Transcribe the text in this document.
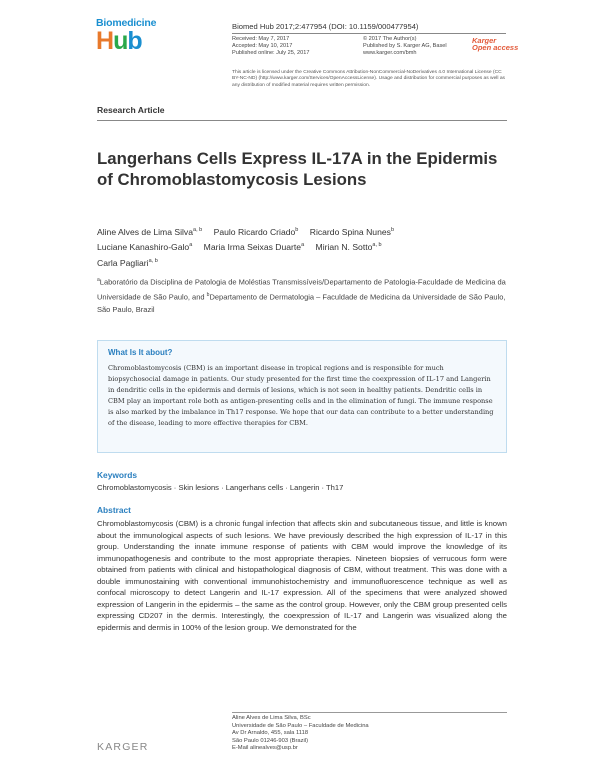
Biomedicine
Hub
Biomed Hub 2017;2:477954 (DOI: 10.1159/000477954)
Received: May 7, 2017
Accepted: May 10, 2017
Published online: July 25, 2017
© 2017 The Author(s)
Published by S. Karger AG, Basel
www.karger.com/bmh
Karger
Open access
This article is licensed under the Creative Commons Attribution-NonCommercial-NoDerivatives 4.0 International License (CC BY-NC-ND) (http://www.karger.com/Services/OpenAccessLicense). Usage and distribution for commercial purposes as well as any distribution of modified material requires written permission.
Research Article
Langerhans Cells Express IL-17A in the Epidermis of Chromoblastomycosis Lesions
Aline Alves de Lima Silva$^{a, b}$ Paulo Ricardo Criado$^b$ Ricardo Spina Nunes$^b$
Luciane Kanashiro-Galo$^a$ Maria Irma Seixas Duarte$^a$ Mirian N. Sotto$^{a, b}$
Carla Pagliari$^{a, b}$
$^a$Laboratório da Disciplina de Patologia de Moléstias Transmissíveis/Departamento de Patologia-Faculdade de Medicina da Universidade de São Paulo, and $^b$Departamento de Dermatologia – Faculdade de Medicina da Universidade de São Paulo, São Paulo, Brazil
What Is It about?
Chromoblastomycosis (CBM) is an important disease in tropical regions and is responsible for much biopsychosocial damage in patients. Our study presented for the first time the coexpression of IL-17 and Langerin in dendritic cells in the epidermis and dermis of lesions, which is not seen in healthy patients. Dendritic cells in CBM play an important role both as antigen-presenting cells and in the elimination of fungi. The immune response is also marked by the imbalance in Th17 response. We hope that our data can contribute to a better understanding of the disease, leading to more effective therapies for CBM.
Keywords
Chromoblastomycosis · Skin lesions · Langerhans cells · Langerin · Th17
Abstract
Chromoblastomycosis (CBM) is a chronic fungal infection that affects skin and subcutaneous tissue, and little is known about the immunological aspects of such lesions. We have previously described the high expression of IL-17 in this group. Understanding the innate immune response of patients with CBM would improve the knowledge of its immunopathogenesis and contribute to the most appropriate therapies. Nineteen biopsies of verrucous form were obtained from patients with clinical and histopathological diagnosis of CBM, without treatment. This was done with a double immunostaining with conventional immunohistochemistry and immunofluorescence technique as well as confocal microscopy to detect Langerin and IL-17 expression. All of the specimens that were analyzed showed expression of Langerin in the epidermis – the same as the control group. However, only the CBM group presented cells expressing CD207 in the dermis. Interestingly, the coexpression of IL-17 and Langerin was visualized along the epidermis and dermis in 100% of the lesion group. We demonstrated for the
Aline Alves de Lima Silva, BSc
Universidade de São Paulo – Faculdade de Medicina
Av Dr Arnaldo, 455, sala 1118
São Paulo 01246-903 (Brazil)
E-Mail alinealves@usp.br
KARGER
